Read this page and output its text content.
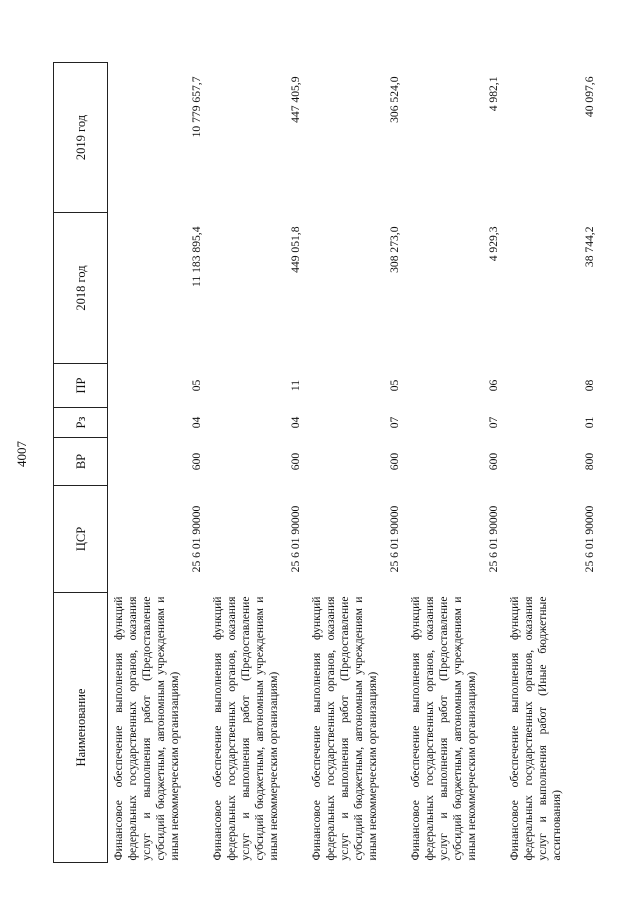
4007
Наименование	ЦСР	ВР	Рз	ПР	2018 год	2019 год
Финансовое обеспечение выполнения функций федеральных государственных органов, оказания услуг и выполнения работ (Предоставление субсидий бюджетным, автономным учреждениям и иным некоммерческим организациям)	25 6 01 90000	600	04	05	11 183 895,4	10 779 657,7
Финансовое обеспечение выполнения функций федеральных государственных органов, оказания услуг и выполнения работ (Предоставление субсидий бюджетным, автономным учреждениям и иным некоммерческим организациям)	25 6 01 90000	600	04	11	449 051,8	447 405,9
Финансовое обеспечение выполнения функций федеральных государственных органов, оказания услуг и выполнения работ (Предоставление субсидий бюджетным, автономным учреждениям и иным некоммерческим организациям)	25 6 01 90000	600	07	05	308 273,0	306 524,0
Финансовое обеспечение выполнения функций федеральных государственных органов, оказания услуг и выполнения работ (Предоставление субсидий бюджетным, автономным учреждениям и иным некоммерческим организациям)	25 6 01 90000	600	07	06	4 929,3	4 982,1
Финансовое обеспечение выполнения функций федеральных государственных органов, оказания услуг и выполнения работ (Иные бюджетные ассигнования)	25 6 01 90000	800	01	08	38 744,2	40 097,6
